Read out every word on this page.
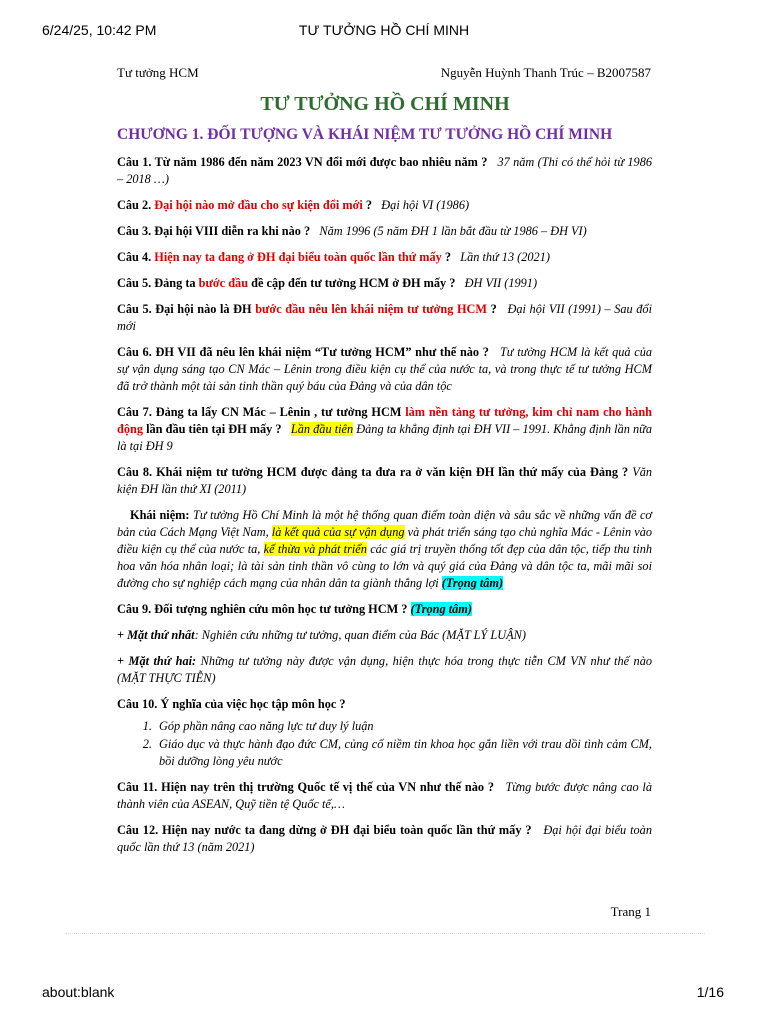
6/24/25, 10:42 PM	TƯ TƯỞNG HỒ CHÍ MINH
Tư tưởng HCM	Nguyễn Huỳnh Thanh Trúc – B2007587
TƯ TƯỞNG HỒ CHÍ MINH
CHƯƠNG 1. ĐỐI TƯỢNG VÀ KHÁI NIỆM TƯ TƯỞNG HỒ CHÍ MINH

Câu 1. Từ năm 1986 đến năm 2023 VN đổi mới được bao nhiêu năm ? 37 năm (Thi có thể hỏi từ 1986 – 2018 …)

Câu 2. Đại hội nào mở đầu cho sự kiện đổi mới ? Đại hội VI (1986)

Câu 3. Đại hội VIII diễn ra khi nào ? Năm 1996 (5 năm ĐH 1 lần bắt đầu từ 1986 – ĐH VI)

Câu 4. Hiện nay ta đang ở ĐH đại biểu toàn quốc lần thứ mấy ? Lần thứ 13 (2021)

Câu 5. Đảng ta bước đầu đề cập đến tư tưởng HCM ở ĐH mấy ? ĐH VII (1991)

Câu 5. Đại hội nào là ĐH bước đầu nêu lên khái niệm tư tưởng HCM ? Đại hội VII (1991) – Sau đổi mới

Câu 6. ĐH VII đã nêu lên khái niệm “Tư tưởng HCM” như thế nào ? Tư tưởng HCM là kết quả của sự vận dụng sáng tạo CN Mác – Lênin trong điều kiện cụ thể của nước ta, và trong thực tế tư tưởng HCM đã trở thành một tài sản tinh thần quý báu của Đảng và của dân tộc

Câu 7. Đảng ta lấy CN Mác – Lênin , tư tưởng HCM làm nền tảng tư tưởng, kim chỉ nam cho hành động lần đầu tiên tại ĐH mấy ? Lần đầu tiên Đảng ta khẳng định tại ĐH VII – 1991. Khẳng định lần nữa là tại ĐH 9

Câu 8. Khái niệm tư tưởng HCM được đảng ta đưa ra ở văn kiện ĐH lần thứ mấy của Đảng ? Văn kiện ĐH lần thứ XI (2011)

Khái niệm: Tư tưởng Hồ Chí Minh là một hệ thống quan điểm toàn diện và sâu sắc về những vấn đề cơ bản của Cách Mạng Việt Nam, là kết quả của sự vận dụng và phát triển sáng tạo chủ nghĩa Mác - Lênin vào điều kiện cụ thể của nước ta, kế thừa và phát triển các giá trị truyền thống tốt đẹp của dân tộc, tiếp thu tinh hoa văn hóa nhân loại; là tài sản tinh thần vô cùng to lớn và quý giá của Đảng và dân tộc ta, mãi mãi soi đường cho sự nghiệp cách mạng của nhân dân ta giành thắng lợi (Trọng tâm)

Câu 9. Đối tượng nghiên cứu môn học tư tưởng HCM ? (Trọng tâm)

+ Mặt thứ nhất: Nghiên cứu những tư tưởng, quan điểm của Bác (MẶT LÝ LUẬN)

+ Mặt thứ hai: Những tư tưởng này được vận dụng, hiện thực hóa trong thực tiễn CM VN như thế nào (MẶT THỰC TIỄN)

Câu 10. Ý nghĩa của việc học tập môn học ?

1. Góp phần nâng cao năng lực tư duy lý luận
2. Giáo dục và thực hành đạo đức CM, củng cố niềm tin khoa học gắn liền với trau dồi tình cảm CM, bồi dưỡng lòng yêu nước

Câu 11. Hiện nay trên thị trường Quốc tế vị thế của VN như thế nào ? Từng bước được nâng cao là thành viên của ASEAN, Quỹ tiền tệ Quốc tế,…

Câu 12. Hiện nay nước ta đang dừng ở ĐH đại biểu toàn quốc lần thứ mấy ? Đại hội đại biểu toàn quốc lần thứ 13 (năm 2021)

Trang 1
about:blank	1/16
